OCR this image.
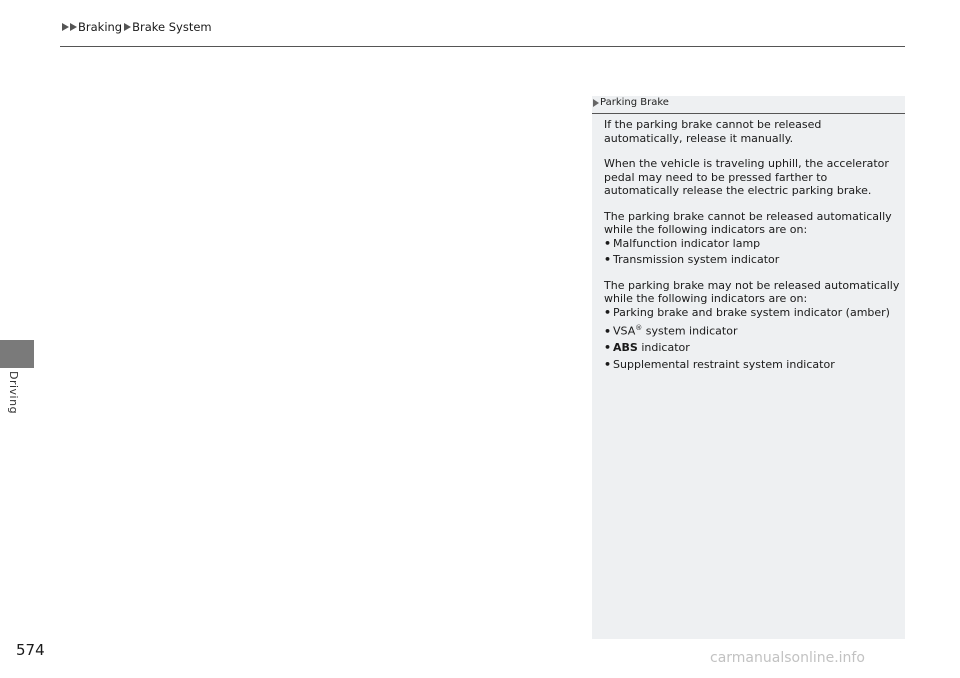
Braking Brake System
Driving
574
Parking Brake

If the parking brake cannot be released automatically, release it manually.

When the vehicle is traveling uphill, the accelerator pedal may need to be pressed farther to automatically release the electric parking brake.

The parking brake cannot be released automatically while the following indicators are on:

• Malfunction indicator lamp
• Transmission system indicator

The parking brake may not be released automatically while the following indicators are on:

• Parking brake and brake system indicator (amber)
• VSA® system indicator
• ABS indicator
• Supplemental restraint system indicator
carmanualsonline.info
